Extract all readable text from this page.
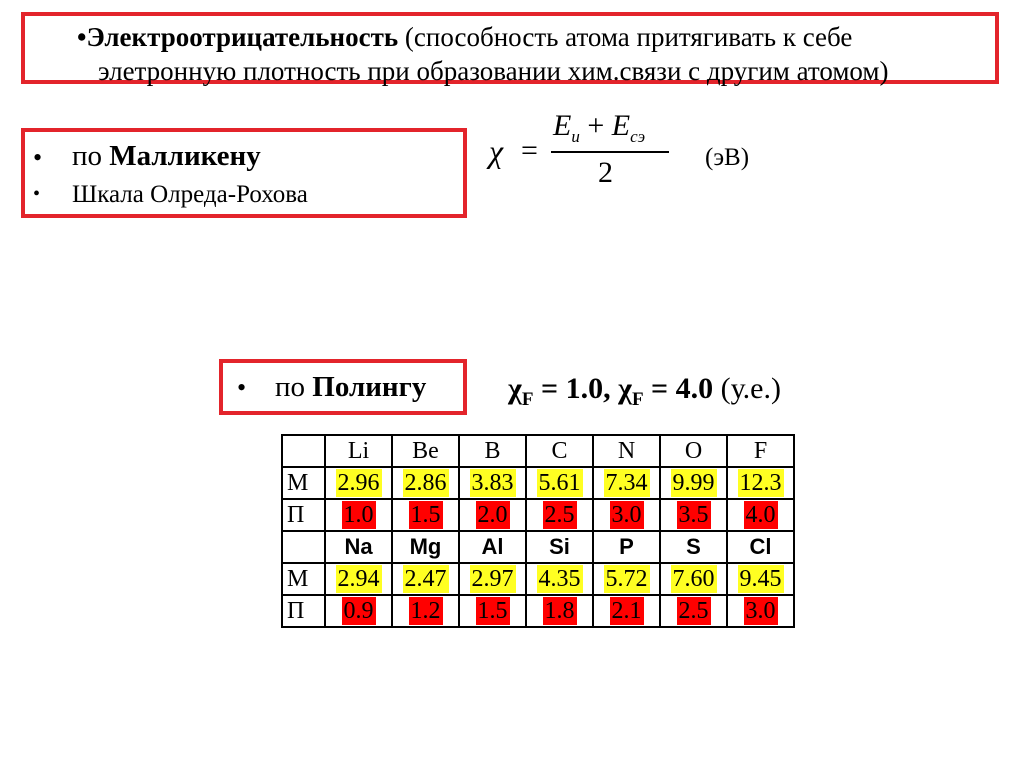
•Электроотрицательность (способность атома притягивать к себе
элетронную плотность при образовании хим.связи с другим атомом)
• по Малликену
• Шкала Олреда-Рохова
χ =
$E_и + E_{сэ}$
2	(эВ)
• по Полингу	$\chi_F = 1.0$, $\chi_F = 4.0$ (у.е.)
	Li	Be	B	C	N	O	F
М	2.96	2.86	3.83	5.61	7.34	9.99	12.3
П	1.0	1.5	2.0	2.5	3.0	3.5	4.0
	Na	Mg	Al	Si	P	S	Cl
М	2.94	2.47	2.97	4.35	5.72	7.60	9.45
П	0.9	1.2	1.5	1.8	2.1	2.5	3.0
